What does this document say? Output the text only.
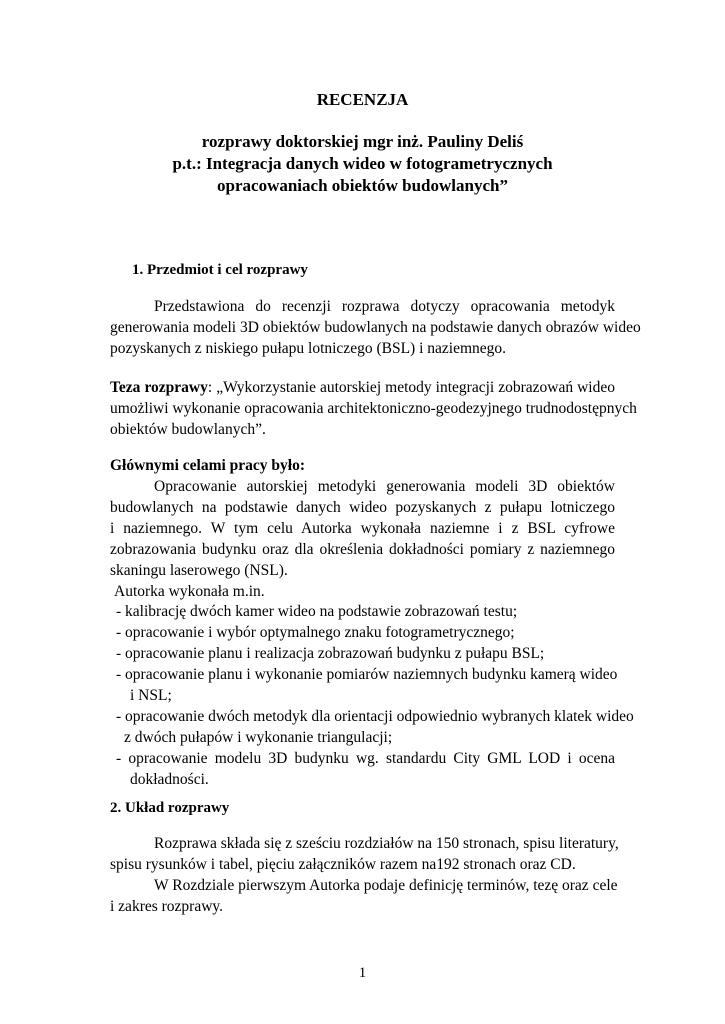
RECENZJA
rozprawy doktorskiej mgr inż. Pauliny Deliś
p.t.: Integracja danych wideo w fotogrametrycznych
opracowaniach obiektów budowlanych”
1. Przedmiot i cel rozprawy
Przedstawiona do recenzji rozprawa dotyczy opracowania metodyk
generowania modeli 3D obiektów budowlanych na podstawie danych obrazów wideo
pozyskanych z niskiego pułapu lotniczego (BSL) i naziemnego.
Teza rozprawy: „Wykorzystanie autorskiej metody integracji zobrazowań wideo
umożliwi wykonanie opracowania architektoniczno-geodezyjnego trudnodostępnych
obiektów budowlanych”.
Głównymi celami pracy było:
Opracowanie autorskiej metodyki generowania modeli 3D obiektów
budowlanych na podstawie danych wideo pozyskanych z pułapu lotniczego
i naziemnego. W tym celu Autorka wykonała naziemne i z BSL cyfrowe
zobrazowania budynku oraz dla określenia dokładności pomiary z naziemnego
skaningu laserowego (NSL).
Autorka wykonała m.in.
- kalibrację dwóch kamer wideo na podstawie zobrazowań testu;
- opracowanie i wybór optymalnego znaku fotogrametrycznego;
- opracowanie planu i realizacja zobrazowań budynku z pułapu BSL;
- opracowanie planu i wykonanie pomiarów naziemnych budynku kamerą wideo
i NSL;
- opracowanie dwóch metodyk dla orientacji odpowiednio wybranych klatek wideo
z dwóch pułapów i wykonanie triangulacji;
- opracowanie modelu 3D budynku wg. standardu City GML LOD i ocena
dokładności.
2. Układ rozprawy
Rozprawa składa się z sześciu rozdziałów na 150 stronach, spisu literatury,
spisu rysunków i tabel, pięciu załączników razem na192 stronach oraz CD.
W Rozdziale pierwszym Autorka podaje definicję terminów, tezę oraz cele
i zakres rozprawy.
1
